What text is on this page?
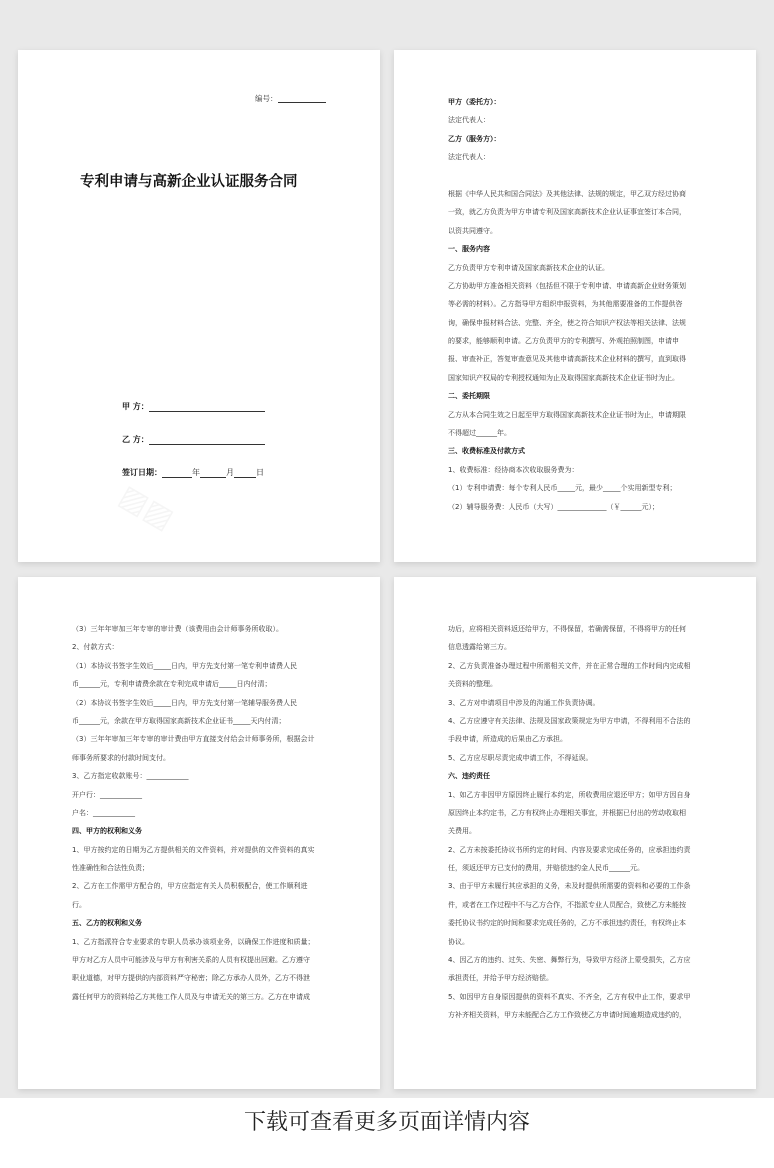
编号：
专利申请与高新企业认证服务合同
甲 方：
乙 方：
签订日期：	年	月	日
甲方（委托方）：
法定代表人：
乙方（服务方）：
法定代表人：
根据《中华人民共和国合同法》及其他法律、法规的规定，甲乙双方经过协商
一致，就乙方负责为甲方申请专利及国家高新技术企业认证事宜签订本合同，
以资共同遵守。
一、服务内容
乙方负责甲方专利申请及国家高新技术企业的认证。
乙方协助甲方准备相关资料（包括但不限于专利申请、申请高新企业财务策划
等必需的材料）。乙方指导甲方组织申报资料，为其他需要准备的工作提供咨
询，确保申报材料合法、完整、齐全，使之符合知识产权法等相关法律、法规
的要求，能够顺利申请。乙方负责甲方的专利撰写、外观拍照制图，申请申
报、审查补正，答复审查意见及其他申请高新技术企业材料的撰写，直到取得
国家知识产权局的专利授权通知为止及取得国家高新技术企业证书时为止。
二、委托期限
乙方从本合同生效之日起至甲方取得国家高新技术企业证书时为止，申请期限
不得超过______年。
三、收费标准及付款方式
1、收费标准：经协商本次收取服务费为：
（1）专利申请费：每个专利人民币_____元，最少_____个实用新型专利；
（2）辅导服务费：人民币（大写）______________（￥______元）；
（3）三年年审加三年专审的审计费（该费用由会计师事务所收取）。
2、付款方式：
（1）本协议书签字生效后_____日内，甲方先支付第一笔专利申请费人民
币______元，专利申请费余款在专利完成申请后_____日内付清；
（2）本协议书签字生效后_____日内，甲方先支付第一笔辅导服务费人民
币______元，余款在甲方取得国家高新技术企业证书_____天内付清；
（3）三年年审加三年专审的审计费由甲方直接支付给会计师事务所，根据会计
师事务所要求的付款时间支付。
3、乙方指定收款账号：____________
开户行：____________
户名：____________
四、甲方的权利和义务
1、甲方按约定的日期为乙方提供相关的文件资料，并对提供的文件资料的真实
性准确性和合法性负责；
2、乙方在工作需甲方配合的，甲方应指定有关人员积极配合，使工作顺利进
行。
五、乙方的权利和义务
1、乙方指派符合专业要求的专职人员承办该项业务，以确保工作进度和质量；
甲方对乙方人员中可能涉及与甲方有利害关系的人员有权提出回避。乙方遵守
职业道德，对甲方提供的内部资料严守秘密；除乙方承办人员外，乙方不得泄
露任何甲方的资料给乙方其他工作人员及与申请无关的第三方。乙方在申请成
功后，应将相关资料返还给甲方，不得保留，若确需保留，不得将甲方的任何
信息透露给第三方。
2、乙方负责准备办理过程中所需相关文件，并在正常合理的工作时间内完成相
关资料的整理。
3、乙方对申请项目中涉及的沟通工作负责协调。
4、乙方应遵守有关法律、法规及国家政策规定为甲方申请，不得利用不合法的
手段申请，所造成的后果由乙方承担。
5、乙方应尽职尽责完成申请工作，不得延误。
六、违约责任
1、如乙方非因甲方原因终止履行本约定，所收费用应退还甲方；如甲方因自身
原因终止本约定书，乙方有权终止办理相关事宜，并根据已付出的劳动收取相
关费用。
2、乙方未按委托协议书所约定的时间、内容及要求完成任务的，应承担违约责
任，须返还甲方已支付的费用，并赔偿违约金人民币______元。
3、由于甲方未履行其应承担的义务，未及时提供所需要的资料和必要的工作条
件，或者在工作过程中不与乙方合作，不指派专业人员配合，致使乙方未能按
委托协议书约定的时间和要求完成任务的，乙方不承担违约责任，有权终止本
协议。
4、因乙方的违约、过失、失密、舞弊行为，导致甲方经济上蒙受损失，乙方应
承担责任，并给予甲方经济赔偿。
5、如因甲方自身原因提供的资料不真实、不齐全，乙方有权中止工作，要求甲
方补齐相关资料，甲方未能配合乙方工作致使乙方申请时间逾期造成违约的，
下载可查看更多页面详情内容
